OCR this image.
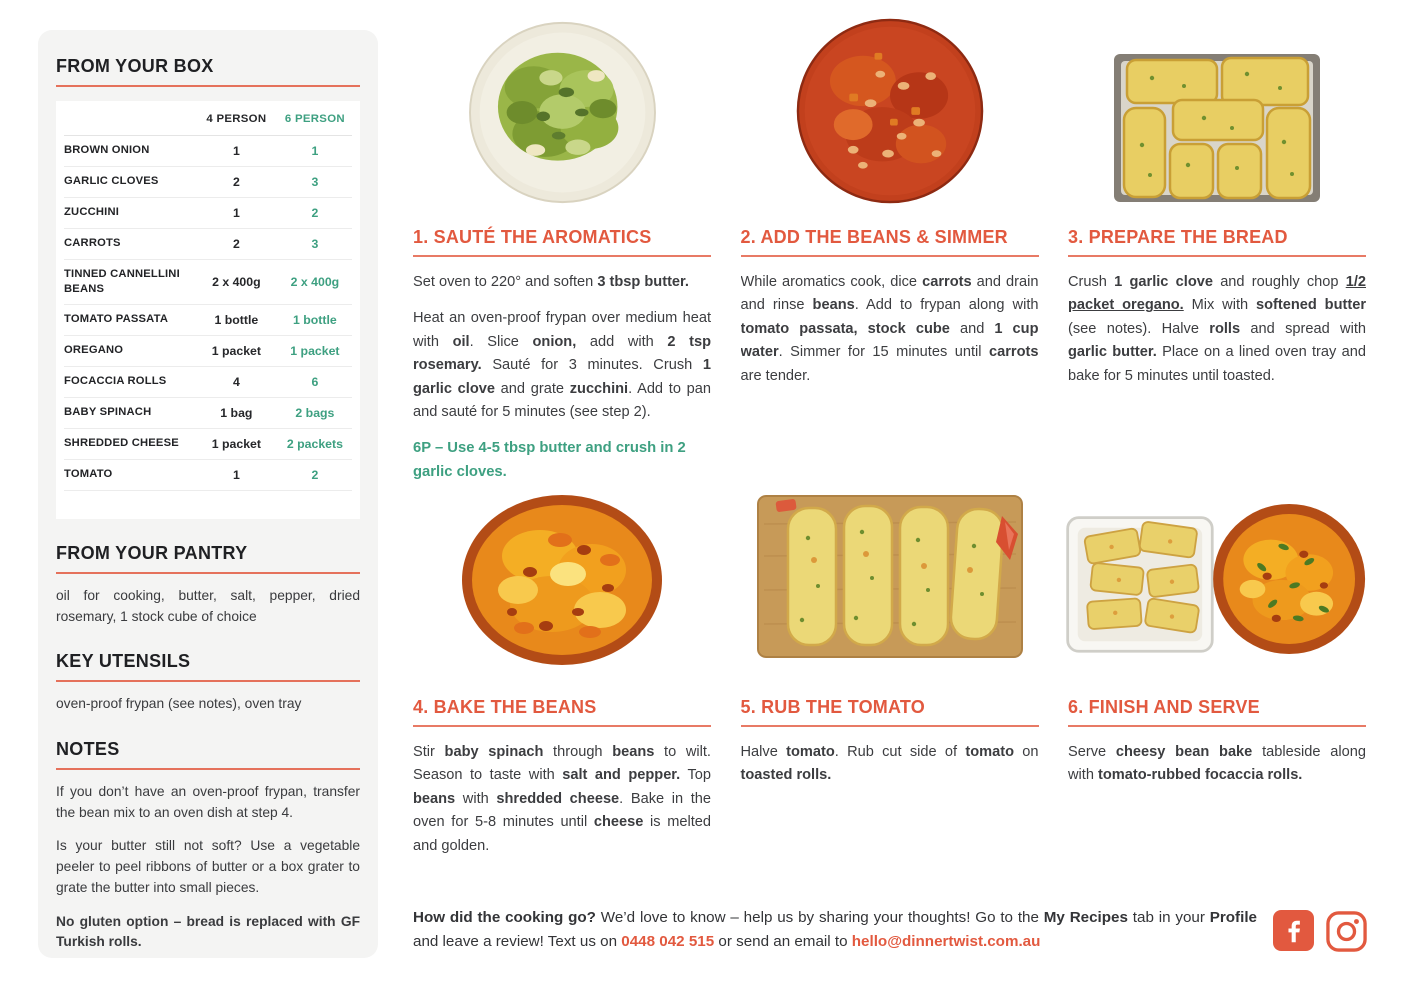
FROM YOUR BOX
4 PERSON	6 PERSON
BROWN ONION	1	1
GARLIC CLOVES	2	3
ZUCCHINI	1	2
CARROTS	2	3
TINNED CANNELLINI BEANS	2 x 400g	2 x 400g
TOMATO PASSATA	1 bottle	1 bottle
OREGANO	1 packet	1 packet
FOCACCIA ROLLS	4	6
BABY SPINACH	1 bag	2 bags
SHREDDED CHEESE	1 packet	2 packets
TOMATO	1	2
FROM YOUR PANTRY
oil for cooking, butter, salt, pepper, dried rosemary, 1 stock cube of choice
KEY UTENSILS
oven-proof frypan (see notes), oven tray
NOTES

If you don’t have an oven-proof frypan, transfer the bean mix to an oven dish at step 4.

Is your butter still not soft? Use a vegetable peeler to peel ribbons of butter or a box grater to grate the butter into small pieces.

No gluten option – bread is replaced with GF Turkish rolls.

1. SAUTÉ THE AROMATICS

Set oven to 220° and soften 3 tbsp butter.

Heat an oven-proof frypan over medium heat with oil. Slice onion, add with 2 tsp rosemary. Sauté for 3 minutes. Crush 1 garlic clove and grate zucchini. Add to pan and sauté for 5 minutes (see step 2).

6P – Use 4-5 tbsp butter and crush in 2 garlic cloves.

2. ADD THE BEANS & SIMMER

While aromatics cook, dice carrots and drain and rinse beans. Add to frypan along with tomato passata, stock cube and 1 cup water. Simmer for 15 minutes until carrots are tender.

3. PREPARE THE BREAD

Crush 1 garlic clove and roughly chop 1/2 packet oregano. Mix with softened butter (see notes). Halve rolls and spread with garlic butter. Place on a lined oven tray and bake for 5 minutes until toasted.

4. BAKE THE BEANS

Stir baby spinach through beans to wilt. Season to taste with salt and pepper. Top beans with shredded cheese. Bake in the oven for 5-8 minutes until cheese is melted and golden.

5. RUB THE TOMATO

Halve tomato. Rub cut side of tomato on toasted rolls.

6. FINISH AND SERVE

Serve cheesy bean bake tableside along with tomato-rubbed focaccia rolls.

How did the cooking go? We’d love to know – help us by sharing your thoughts! Go to the My Recipes tab in your Profile and leave a review! Text us on 0448 042 515 or send an email to hello@dinnertwist.com.au
